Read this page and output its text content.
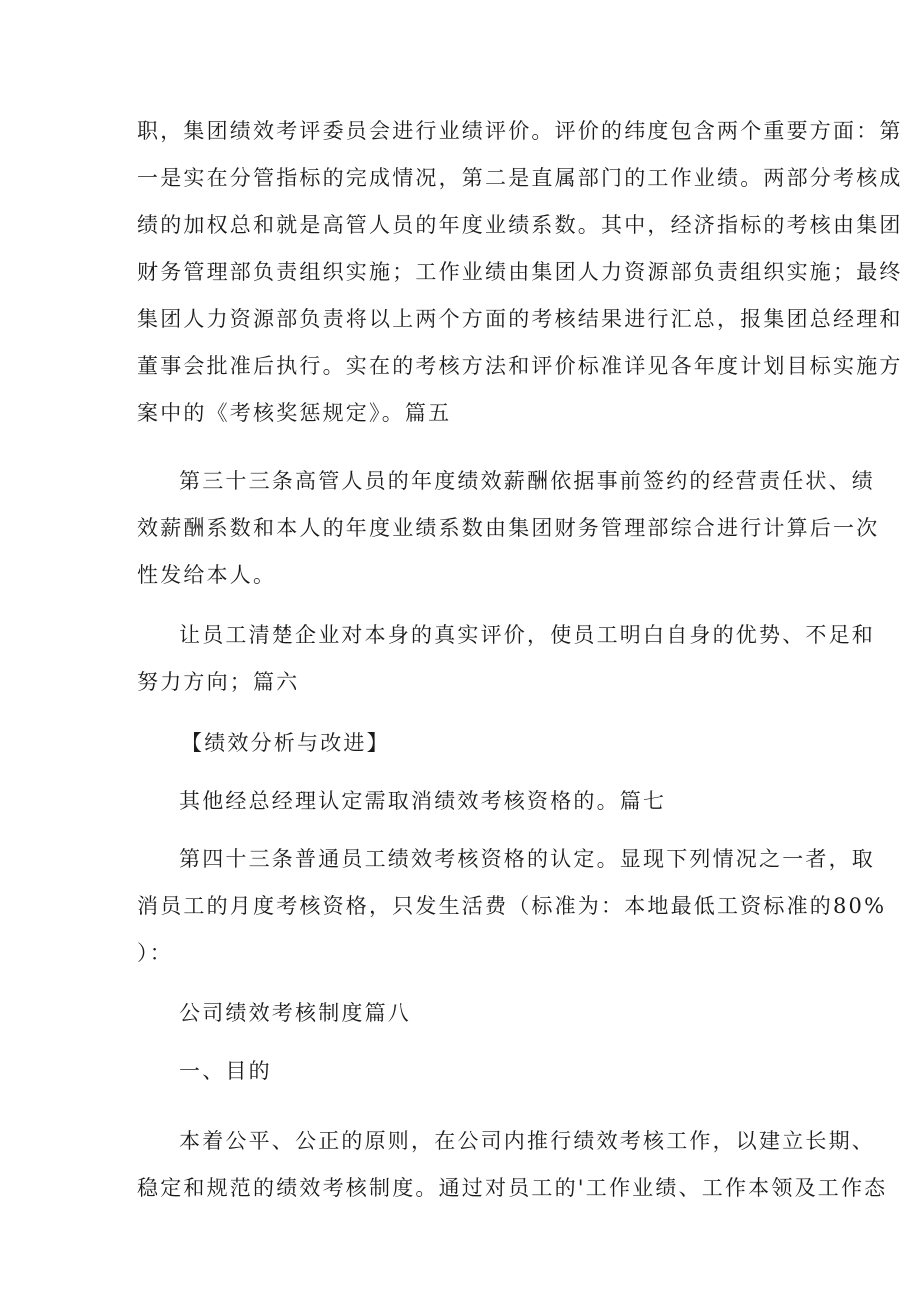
职，集团绩效考评委员会进行业绩评价。评价的纬度包含两个重要方面：第
一是实在分管指标的完成情况，第二是直属部门的工作业绩。两部分考核成
绩的加权总和就是高管人员的年度业绩系数。其中，经济指标的考核由集团
财务管理部负责组织实施；工作业绩由集团人力资源部负责组织实施；最终
集团人力资源部负责将以上两个方面的考核结果进行汇总，报集团总经理和
董事会批准后执行。实在的考核方法和评价标准详见各年度计划目标实施方
案中的《考核奖惩规定》。篇五
第三十三条高管人员的年度绩效薪酬依据事前签约的经营责任状、绩
效薪酬系数和本人的年度业绩系数由集团财务管理部综合进行计算后一次
性发给本人。
让员工清楚企业对本身的真实评价，使员工明白自身的优势、不足和
努力方向；篇六
【绩效分析与改进】
其他经总经理认定需取消绩效考核资格的。篇七
第四十三条普通员工绩效考核资格的认定。显现下列情况之一者，取
消员工的月度考核资格，只发生活费（标准为：本地最低工资标准的80%
）：
公司绩效考核制度篇八
一、目的
本着公平、公正的原则，在公司内推行绩效考核工作，以建立长期、
稳定和规范的绩效考核制度。通过对员工的'工作业绩、工作本领及工作态
